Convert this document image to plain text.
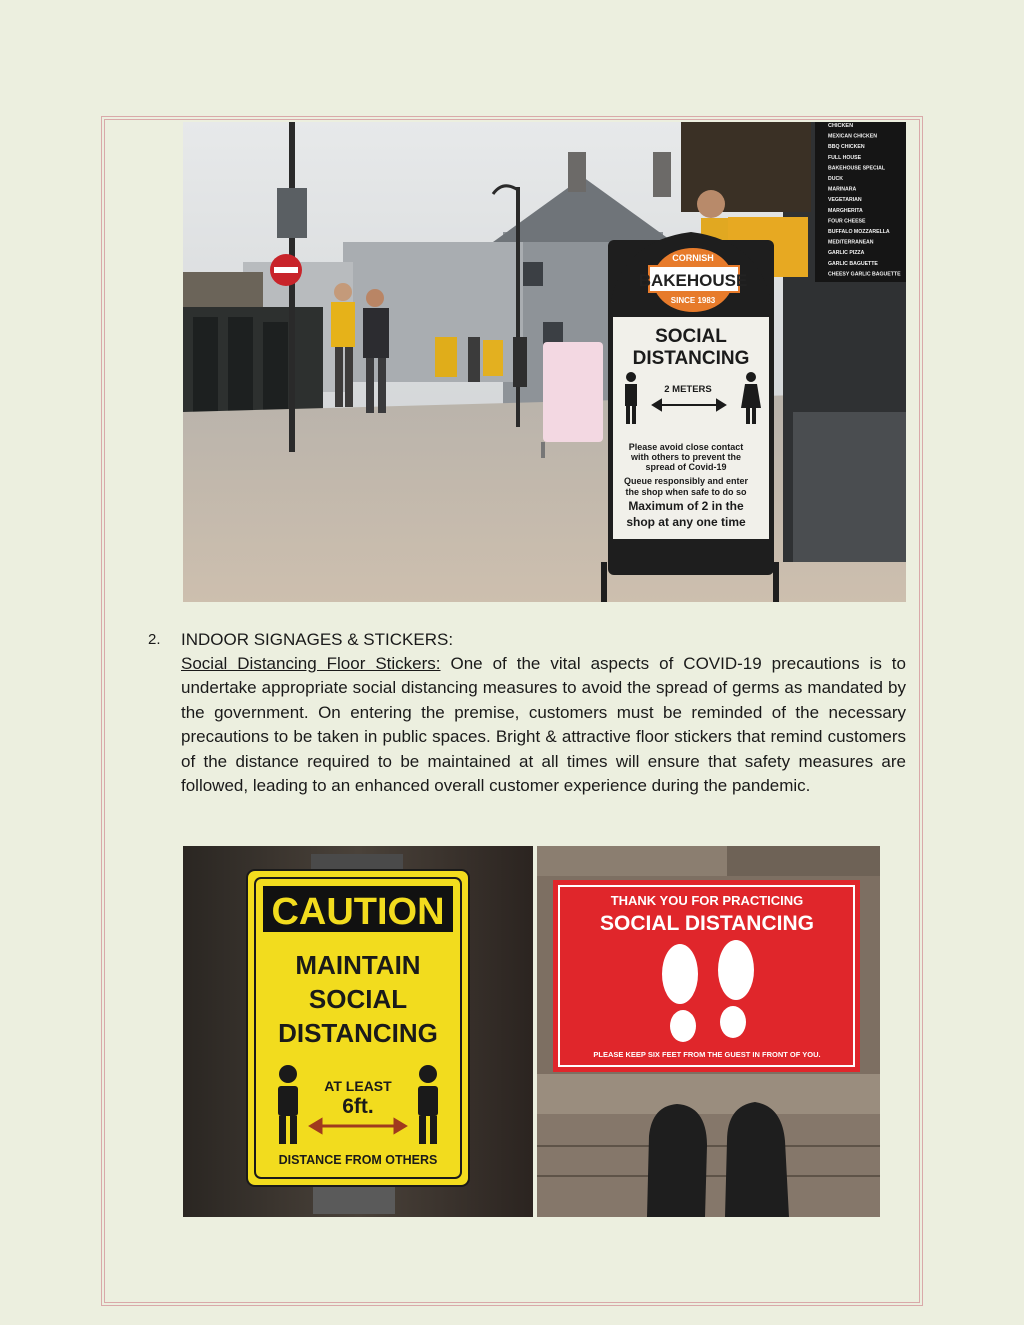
CHICKEN
MEXICAN CHICKEN
BBQ CHICKEN
FULL HOUSE
BAKEHOUSE SPECIAL
DUCK
MARINARA
VEGETARIAN
MARGHERITA
FOUR CHEESE
BUFFALO MOZZARELLA
MEDITERRANEAN
GARLIC PIZZA
GARLIC BAGUETTE
CHEESY GARLIC BAGUETTE
CORNISH
BAKEHOUSE
SINCE 1983
SOCIAL
DISTANCING
2 METERS
Please avoid close contact
with others to prevent the
spread of Covid-19
Queue responsibly and enter
the shop when safe to do so
Maximum of 2 in the
shop at any one time
2. INDOOR SIGNAGES & STICKERS:
Social Distancing Floor Stickers: One of the vital aspects of COVID-19 precautions is to undertake appropriate social distancing measures to avoid the spread of germs as mandated by the government. On entering the premise, customers must be reminded of the necessary precautions to be taken in public spaces. Bright & attractive floor stickers that remind customers of the distance required to be maintained at all times will ensure that safety measures are followed, leading to an enhanced overall customer experience during the pandemic.
CAUTION
MAINTAIN
SOCIAL
DISTANCING
AT LEAST
6ft.
DISTANCE FROM OTHERS
THANK YOU FOR PRACTICING
SOCIAL DISTANCING
PLEASE KEEP SIX FEET FROM THE GUEST IN FRONT OF YOU.
